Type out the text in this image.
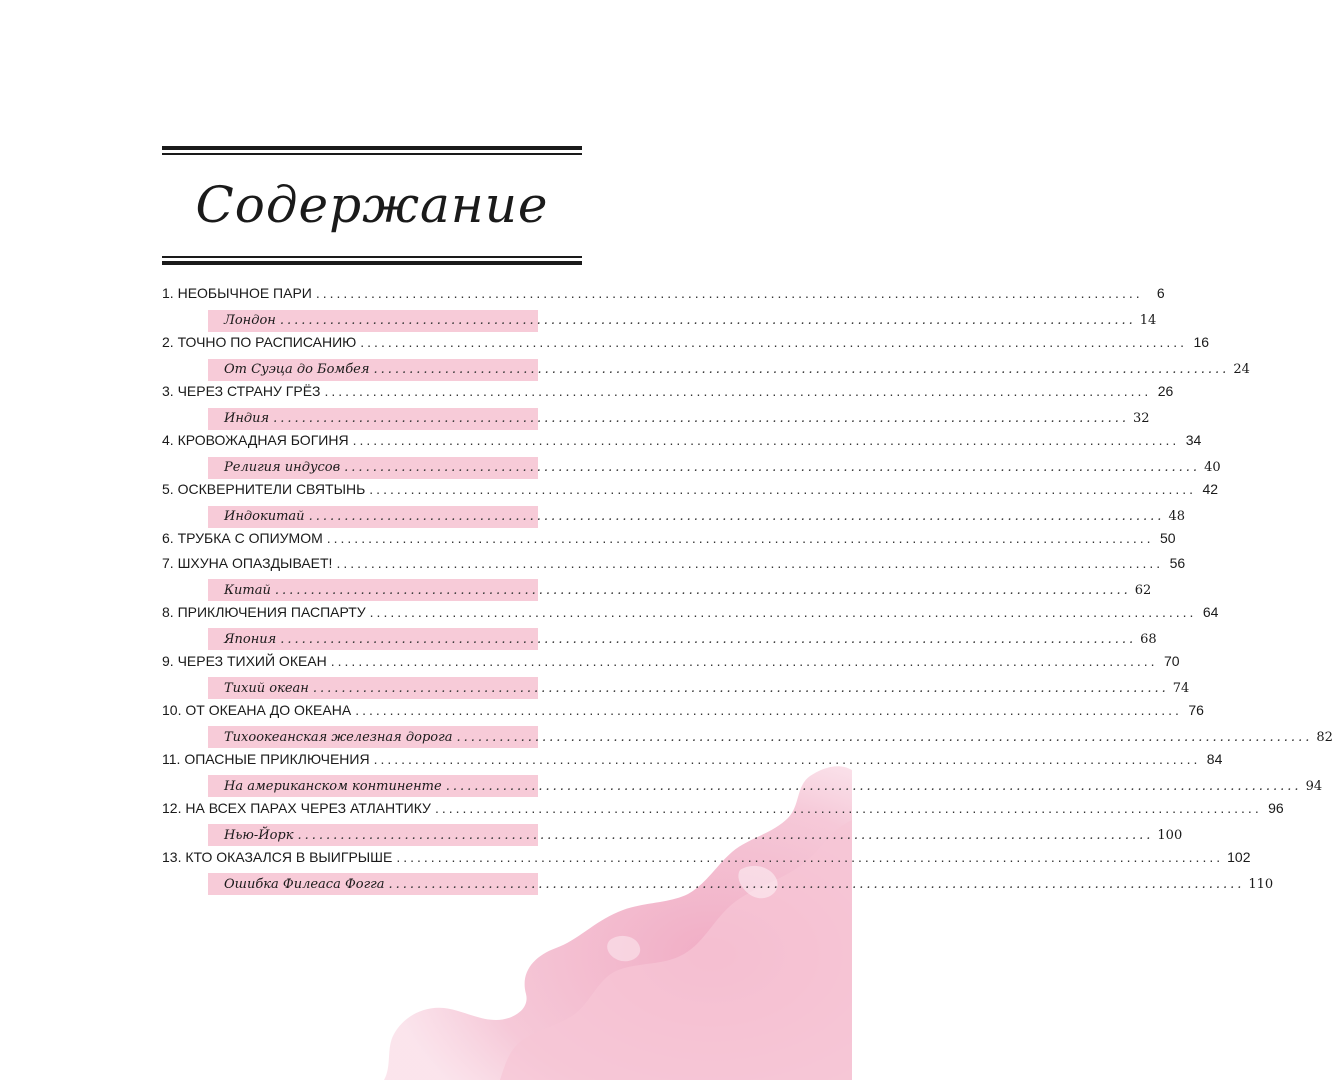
Содержание
1.
НЕОБЫЧНОЕ ПАРИ ........................................................................................................................	6
Лондон ........................................................................................................................ 14
2.
ТОЧНО ПО РАСПИСАНИЮ ........................................................................................................................ 16
От Суэца до Бомбея ........................................................................................................................ 24
3.
ЧЕРЕЗ СТРАНУ ГРЁЗ ........................................................................................................................ 26
Индия ........................................................................................................................ 32
4.
КРОВОЖАДНАЯ БОГИНЯ ........................................................................................................................ 34
Религия индусов ........................................................................................................................ 40
5.
ОСКВЕРНИТЕЛИ СВЯТЫНЬ ........................................................................................................................ 42
Индокитай ........................................................................................................................ 48
6.
ТРУБКА С ОПИУМОМ ........................................................................................................................ 50
7.
ШХУНА ОПАЗДЫВАЕТ! ........................................................................................................................ 56
Китай ........................................................................................................................ 62
8.
ПРИКЛЮЧЕНИЯ ПАСПАРТУ ........................................................................................................................ 64
Япония ........................................................................................................................ 68
9.
ЧЕРЕЗ ТИХИЙ ОКЕАН ........................................................................................................................ 70
Тихий океан ........................................................................................................................ 74
10.
ОТ ОКЕАНА ДО ОКЕАНА ........................................................................................................................ 76
Тихоокеанская железная дорога ........................................................................................................................ 82
11.
ОПАСНЫЕ ПРИКЛЮЧЕНИЯ ........................................................................................................................ 84
На американском континенте ........................................................................................................................ 94
12.
НА ВСЕХ ПАРАХ ЧЕРЕЗ АТЛАНТИКУ ........................................................................................................................ 96
Нью-Йорк ........................................................................................................................ 100
13.
КТО ОКАЗАЛСЯ В ВЫИГРЫШЕ ........................................................................................................................ 102
Ошибка Филеаса Фогга ........................................................................................................................ 110
